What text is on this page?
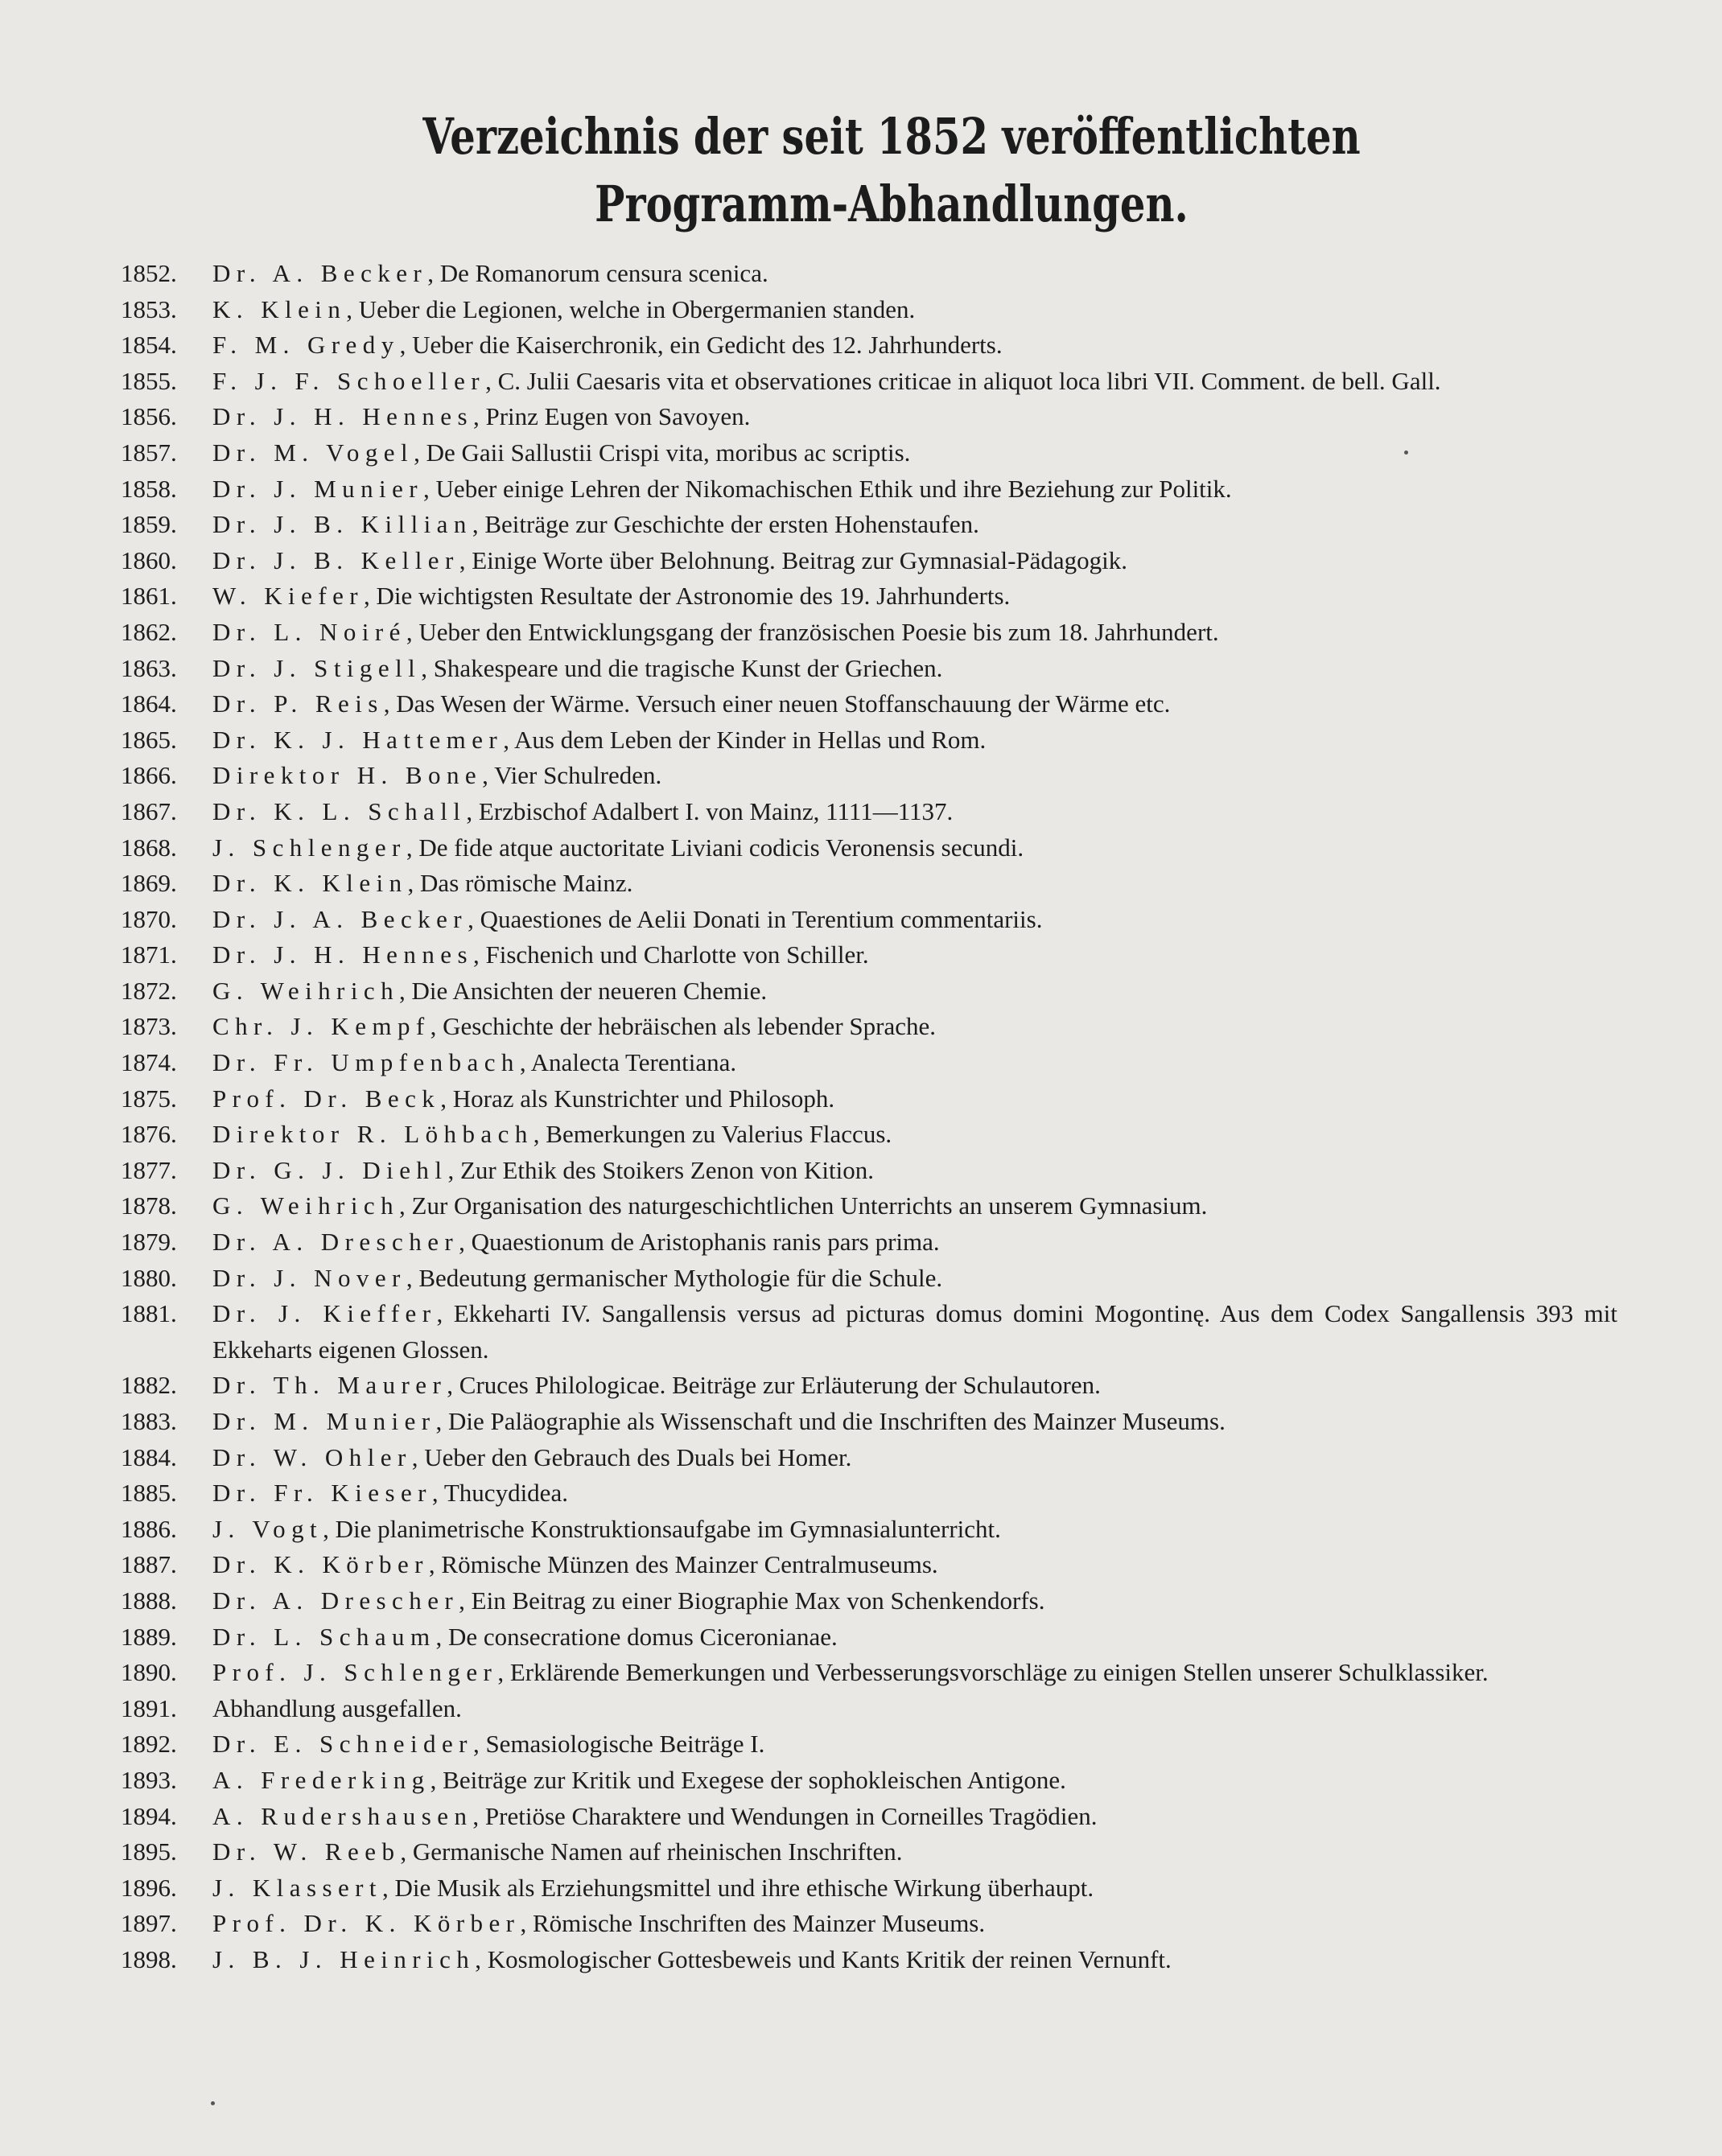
Verzeichnis der seit 1852 veröffentlichten
Programm-Abhandlungen.
1852.	Dr. A. Becker, De Romanorum censura scenica.
1853.	K. Klein, Ueber die Legionen, welche in Obergermanien standen.
1854.	F. M. Gredy, Ueber die Kaiserchronik, ein Gedicht des 12. Jahrhunderts.
1855.	F. J. F. Schoeller, C. Julii Caesaris vita et observationes criticae in aliquot loca libri VII. Comment. de bell. Gall.
1856.	Dr. J. H. Hennes, Prinz Eugen von Savoyen.
1857.	Dr. M. Vogel, De Gaii Sallustii Crispi vita, moribus ac scriptis.
1858.	Dr. J. Munier, Ueber einige Lehren der Nikomachischen Ethik und ihre Beziehung zur Politik.
1859.	Dr. J. B. Killian, Beiträge zur Geschichte der ersten Hohenstaufen.
1860.	Dr. J. B. Keller, Einige Worte über Belohnung. Beitrag zur Gymnasial-Pädagogik.
1861.	W. Kiefer, Die wichtigsten Resultate der Astronomie des 19. Jahrhunderts.
1862.	Dr. L. Noiré, Ueber den Entwicklungsgang der französischen Poesie bis zum 18. Jahrhundert.
1863.	Dr. J. Stigell, Shakespeare und die tragische Kunst der Griechen.
1864.	Dr. P. Reis, Das Wesen der Wärme. Versuch einer neuen Stoffanschauung der Wärme etc.
1865.	Dr. K. J. Hattemer, Aus dem Leben der Kinder in Hellas und Rom.
1866.	Direktor H. Bone, Vier Schulreden.
1867.	Dr. K. L. Schall, Erzbischof Adalbert I. von Mainz, 1111—1137.
1868.	J. Schlenger, De fide atque auctoritate Liviani codicis Veronensis secundi.
1869.	Dr. K. Klein, Das römische Mainz.
1870.	Dr. J. A. Becker, Quaestiones de Aelii Donati in Terentium commentariis.
1871.	Dr. J. H. Hennes, Fischenich und Charlotte von Schiller.
1872.	G. Weihrich, Die Ansichten der neueren Chemie.
1873.	Chr. J. Kempf, Geschichte der hebräischen als lebender Sprache.
1874.	Dr. Fr. Umpfenbach, Analecta Terentiana.
1875.	Prof. Dr. Beck, Horaz als Kunstrichter und Philosoph.
1876.	Direktor R. Löhbach, Bemerkungen zu Valerius Flaccus.
1877.	Dr. G. J. Diehl, Zur Ethik des Stoikers Zenon von Kition.
1878.	G. Weihrich, Zur Organisation des naturgeschichtlichen Unterrichts an unserem Gymnasium.
1879.	Dr. A. Drescher, Quaestionum de Aristophanis ranis pars prima.
1880.	Dr. J. Nover, Bedeutung germanischer Mythologie für die Schule.
1881.	Dr. J. Kieffer, Ekkeharti IV. Sangallensis versus ad picturas domus domini Mogontinę. Aus dem Codex Sangallensis 393 mit Ekkeharts eigenen Glossen.
1882.	Dr. Th. Maurer, Cruces Philologicae. Beiträge zur Erläuterung der Schulautoren.
1883.	Dr. M. Munier, Die Paläographie als Wissenschaft und die Inschriften des Mainzer Museums.
1884.	Dr. W. Ohler, Ueber den Gebrauch des Duals bei Homer.
1885.	Dr. Fr. Kieser, Thucydidea.
1886.	J. Vogt, Die planimetrische Konstruktionsaufgabe im Gymnasialunterricht.
1887.	Dr. K. Körber, Römische Münzen des Mainzer Centralmuseums.
1888.	Dr. A. Drescher, Ein Beitrag zu einer Biographie Max von Schenkendorfs.
1889.	Dr. L. Schaum, De consecratione domus Ciceronianae.
1890.	Prof. J. Schlenger, Erklärende Bemerkungen und Verbesserungsvorschläge zu einigen Stellen unserer Schulklassiker.
1891.	Abhandlung ausgefallen.
1892.	Dr. E. Schneider, Semasiologische Beiträge I.
1893.	A. Frederking, Beiträge zur Kritik und Exegese der sophokleischen Antigone.
1894.	A. Rudershausen, Pretiöse Charaktere und Wendungen in Corneilles Tragödien.
1895.	Dr. W. Reeb, Germanische Namen auf rheinischen Inschriften.
1896.	J. Klassert, Die Musik als Erziehungsmittel und ihre ethische Wirkung überhaupt.
1897.	Prof. Dr. K. Körber, Römische Inschriften des Mainzer Museums.
1898.	J. B. J. Heinrich, Kosmologischer Gottesbeweis und Kants Kritik der reinen Vernunft.
